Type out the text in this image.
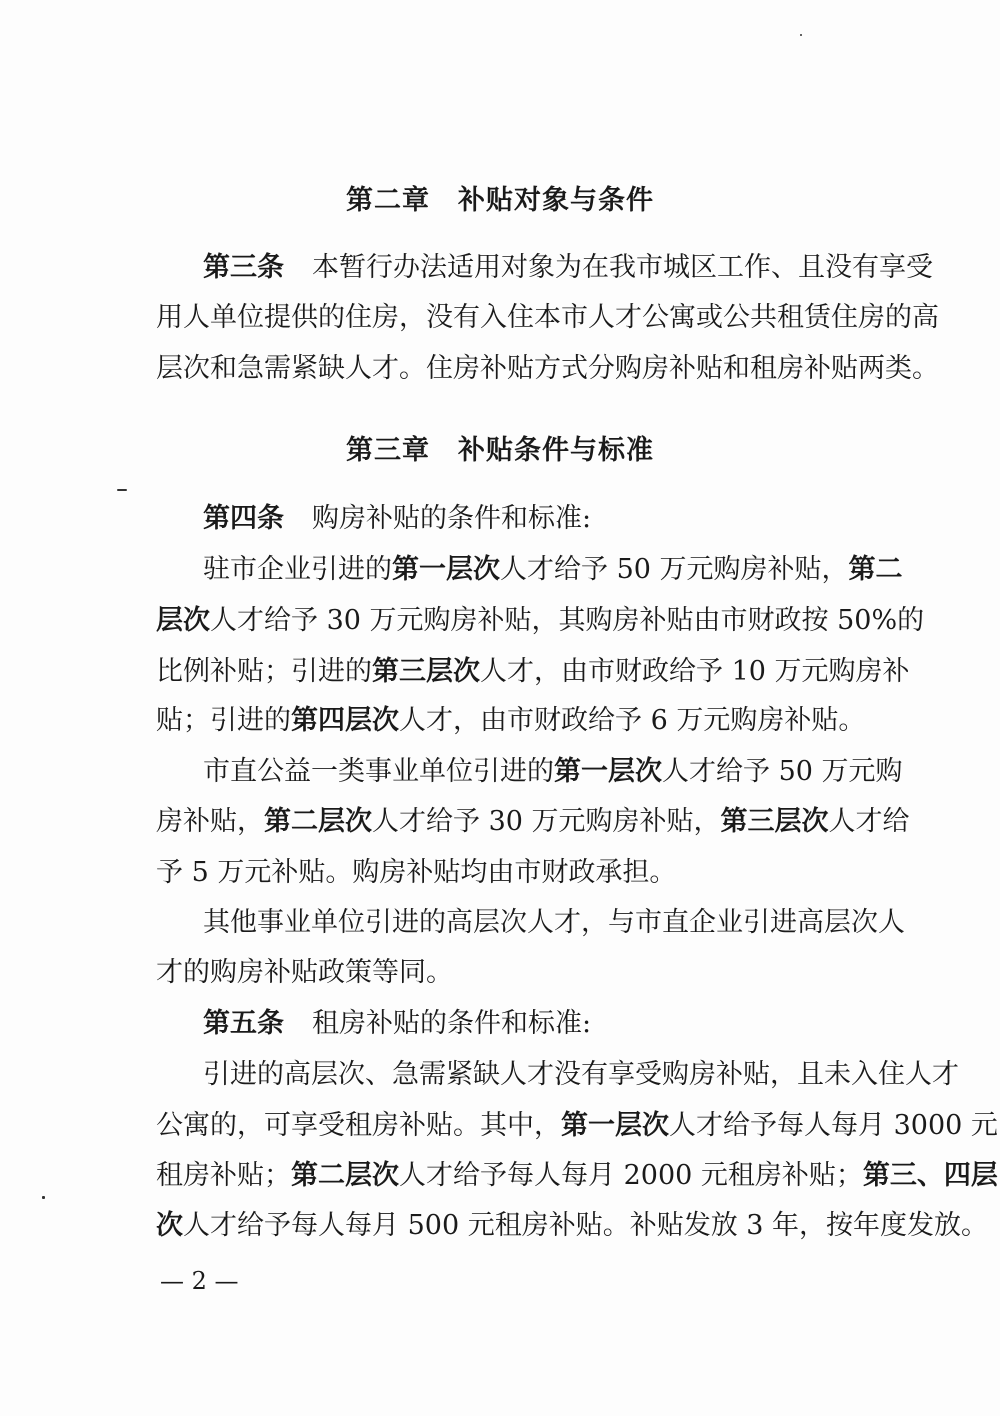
第二章 补贴对象与条件
第三条 本暂行办法适用对象为在我市城区工作、且没有享受
用人单位提供的住房，没有入住本市人才公寓或公共租赁住房的高
层次和急需紧缺人才。住房补贴方式分购房补贴和租房补贴两类。
第三章 补贴条件与标准
第四条 购房补贴的条件和标准:
驻市企业引进的第一层次人才给予 50 万元购房补贴，第二
层次人才给予 30 万元购房补贴，其购房补贴由市财政按 50%的
比例补贴；引进的第三层次人才，由市财政给予 10 万元购房补
贴；引进的第四层次人才，由市财政给予 6 万元购房补贴。
市直公益一类事业单位引进的第一层次人才给予 50 万元购
房补贴，第二层次人才给予 30 万元购房补贴，第三层次人才给
予 5 万元补贴。购房补贴均由市财政承担。
其他事业单位引进的高层次人才，与市直企业引进高层次人
才的购房补贴政策等同。
第五条 租房补贴的条件和标准:
引进的高层次、急需紧缺人才没有享受购房补贴，且未入住人才
公寓的，可享受租房补贴。其中，第一层次人才给予每人每月 3000 元
租房补贴；第二层次人才给予每人每月 2000 元租房补贴；第三、四层
次人才给予每人每月 500 元租房补贴。补贴发放 3 年，按年度发放。
— 2 —
